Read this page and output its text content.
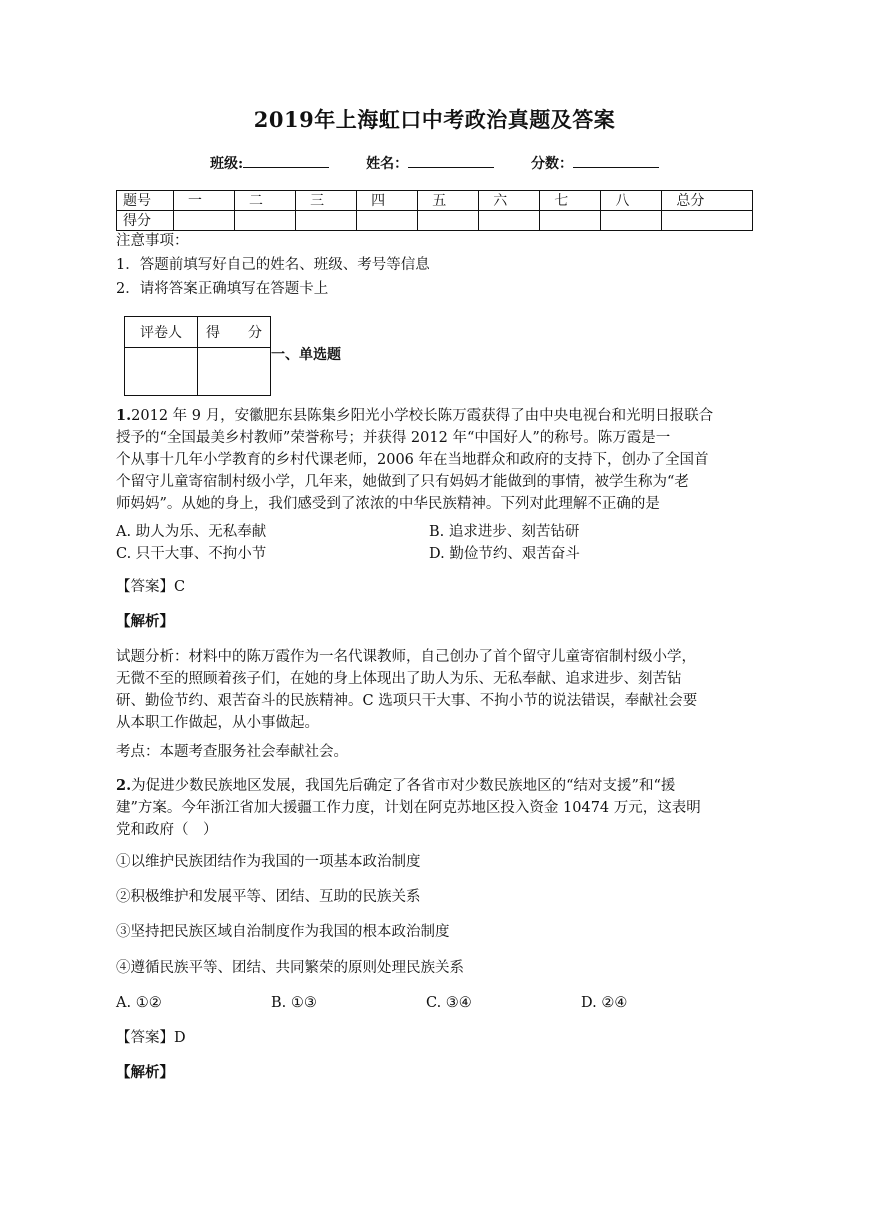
2019年上海虹口中考政治真题及答案
班级:	姓名：	分数：
题号	一	二	三	四	五	六	七	八	总分
得分									
注意事项：
1．答题前填写好自己的姓名、班级、考号等信息
2．请将答案正确填写在答题卡上
评卷人	得　　分

一、单选题
1.2012 年 9 月，安徽肥东县陈集乡阳光小学校长陈万霞获得了由中央电视台和光明日报联合
授予的“全国最美乡村教师”荣誉称号；并获得 2012 年“中国好人”的称号。陈万霞是一
个从事十几年小学教育的乡村代课老师，2006 年在当地群众和政府的支持下，创办了全国首
个留守儿童寄宿制村级小学，几年来，她做到了只有妈妈才能做到的事情，被学生称为“老
师妈妈”。从她的身上，我们感受到了浓浓的中华民族精神。下列对此理解不正确的是
A. 助人为乐、无私奉献	B. 追求进步、刻苦钻研
C. 只干大事、不拘小节	D. 勤俭节约、艰苦奋斗
【答案】C
【解析】
试题分析：材料中的陈万霞作为一名代课教师，自己创办了首个留守儿童寄宿制村级小学，
无微不至的照顾着孩子们，在她的身上体现出了助人为乐、无私奉献、追求进步、刻苦钻
研、勤俭节约、艰苦奋斗的民族精神。C 选项只干大事、不拘小节的说法错误，奉献社会要
从本职工作做起，从小事做起。
考点：本题考查服务社会奉献社会。
2.为促进少数民族地区发展，我国先后确定了各省市对少数民族地区的“结对支援”和“援
建”方案。今年浙江省加大援疆工作力度，计划在阿克苏地区投入资金 10474 万元，这表明
党和政府（　）
①以维护民族团结作为我国的一项基本政治制度
②积极维护和发展平等、团结、互助的民族关系
③坚持把民族区域自治制度作为我国的根本政治制度
④遵循民族平等、团结、共同繁荣的原则处理民族关系
A. ①②	B. ①③	C. ③④	D. ②④
【答案】D
【解析】
